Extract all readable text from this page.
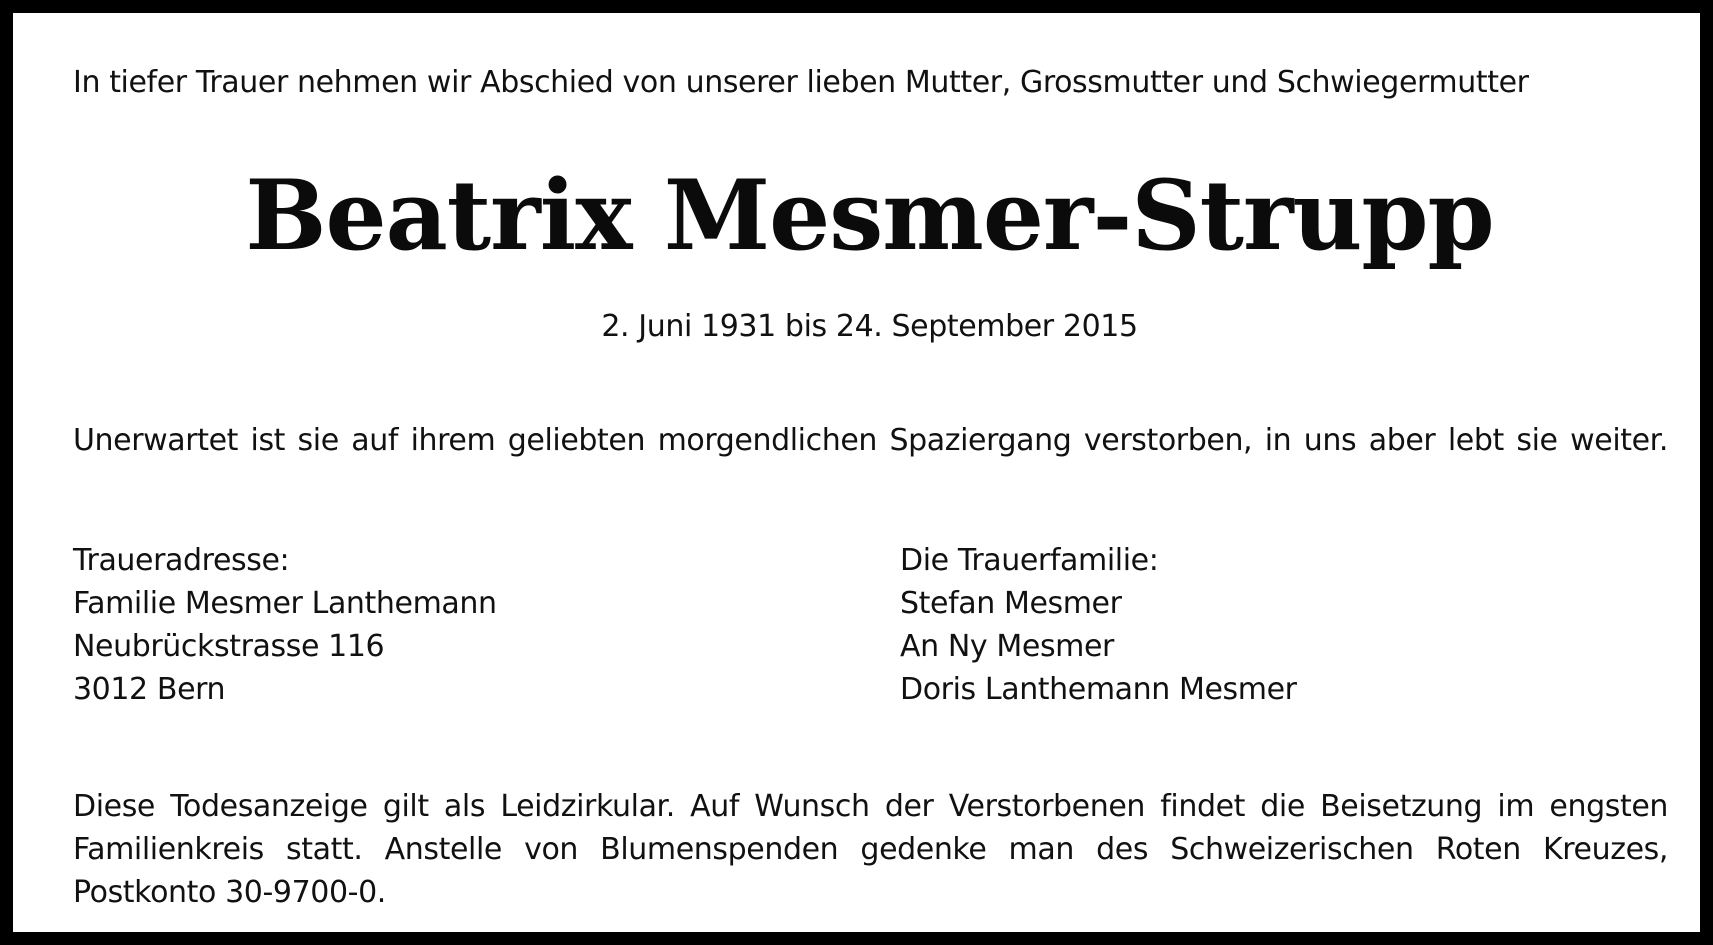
In tiefer Trauer nehmen wir Abschied von unserer lieben Mutter, Grossmutter und Schwiegermutter

Beatrix Mesmer-Strupp

2. Juni 1931 bis 24. September 2015

Unerwartet ist sie auf ihrem geliebten morgendlichen Spaziergang verstorben, in uns aber lebt sie weiter.

Traueradresse:
Familie Mesmer Lanthemann
Neubrückstrasse 116
3012 Bern
Die Trauerfamilie:
Stefan Mesmer
An Ny Mesmer
Doris Lanthemann Mesmer

Diese Todesanzeige gilt als Leidzirkular. Auf Wunsch der Verstorbenen findet die Beisetzung im engsten Familienkreis statt. Anstelle von Blumenspenden gedenke man des Schweizerischen Roten Kreuzes, Postkonto 30-9700-0.
